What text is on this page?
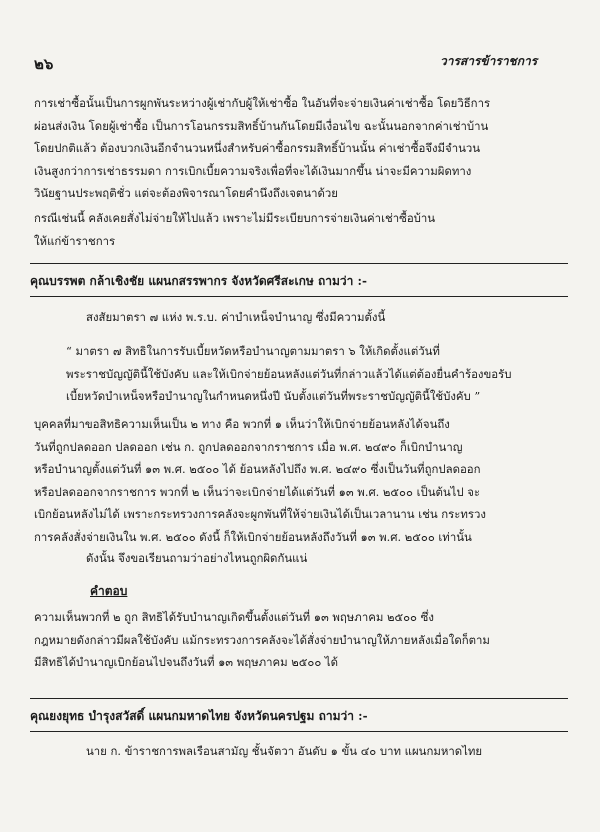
๒๖	วารสารข้าราชการ
การเช่าซื้อนั้นเป็นการผูกพันระหว่างผู้เช่ากับผู้ให้เช่าซื้อ ในอันที่จะจ่ายเงินค่าเช่าซื้อ โดยวิธีการ
ผ่อนส่งเงิน โดยผู้เช่าซื้อ เป็นการโอนกรรมสิทธิ์บ้านกันโดยมีเงื่อนไข ฉะนั้นนอกจากค่าเช่าบ้าน
โดยปกติแล้ว ต้องบวกเงินอีกจำนวนหนึ่งสำหรับค่าซื้อกรรมสิทธิ์บ้านนั้น ค่าเช่าซื้อจึงมีจำนวน
เงินสูงกว่าการเช่าธรรมดา การเบิกเบี้ยความจริงเพื่อที่จะได้เงินมากขึ้น น่าจะมีความผิดทาง
วินัยฐานประพฤติชั่ว แต่จะต้องพิจารณาโดยคำนึงถึงเจตนาด้วย
กรณีเช่นนี้ คลังเคยสั่งไม่จ่ายให้ไปแล้ว เพราะไม่มีระเบียบการจ่ายเงินค่าเช่าซื้อบ้าน
ให้แก่ข้าราชการ
คุณบรรพต กล้าเชิงชัย แผนกสรรพากร จังหวัดศรีสะเกษ ถามว่า :-
สงสัยมาตรา ๗ แห่ง พ.ร.บ. ค่าบำเหน็จบำนาญ ซึ่งมีความตั้งนี้
“ มาตรา ๗ สิทธิในการรับเบี้ยหวัดหรือบำนาญตามมาตรา ๖ ให้เกิดตั้งแต่วันที่
พระราชบัญญัตินี้ใช้บังคับ และให้เบิกจ่ายย้อนหลังแต่วันที่กล่าวแล้วได้แต่ต้องยื่นคำร้องขอรับ
เบี้ยหวัดบำเหน็จหรือบำนาญในกำหนดหนึ่งปี นับตั้งแต่วันที่พระราชบัญญัตินี้ใช้บังคับ ”
บุคคลที่มาขอสิทธิความเห็นเป็น ๒ ทาง คือ พวกที่ ๑ เห็นว่าให้เบิกจ่ายย้อนหลังได้จนถึง
วันที่ถูกปลดออก ปลดออก เช่น ก. ถูกปลดออกจากราชการ เมื่อ พ.ศ. ๒๔๙๐ ก็เบิกบำนาญ
หรือบำนาญตั้งแต่วันที่ ๑๓ พ.ศ. ๒๕๐๐ ได้ ย้อนหลังไปถึง พ.ศ. ๒๔๙๐ ซึ่งเป็นวันที่ถูกปลดออก
หรือปลดออกจากราชการ พวกที่ ๒ เห็นว่าจะเบิกจ่ายได้แต่วันที่ ๑๓ พ.ศ. ๒๕๐๐ เป็นต้นไป จะ
เบิกย้อนหลังไม่ได้ เพราะกระทรวงการคลังจะผูกพันที่ให้จ่ายเงินได้เป็นเวลานาน เช่น กระทรวง
การคลังสั่งจ่ายเงินใน พ.ศ. ๒๕๐๐ ดังนี้ ก็ให้เบิกจ่ายย้อนหลังถึงวันที่ ๑๓ พ.ศ. ๒๕๐๐ เท่านั้น
ดังนั้น จึงขอเรียนถามว่าอย่างไหนถูกผิดกันแน่
คำตอบ
ความเห็นพวกที่ ๒ ถูก สิทธิได้รับบำนาญเกิดขึ้นตั้งแต่วันที่ ๑๓ พฤษภาคม ๒๕๐๐ ซึ่ง
กฎหมายดังกล่าวมีผลใช้บังคับ แม้กระทรวงการคลังจะได้สั่งจ่ายบำนาญให้ภายหลังเมื่อใดก็ตาม
มีสิทธิได้บำนาญเบิกย้อนไปจนถึงวันที่ ๑๓ พฤษภาคม ๒๕๐๐ ได้
คุณยงยุทธ บำรุงสวัสดิ์ แผนกมหาดไทย จังหวัดนครปฐม ถามว่า :-
นาย ก. ข้าราชการพลเรือนสามัญ ชั้นจัตวา อันดับ ๑ ขั้น ๔๐ บาท แผนกมหาดไทย
